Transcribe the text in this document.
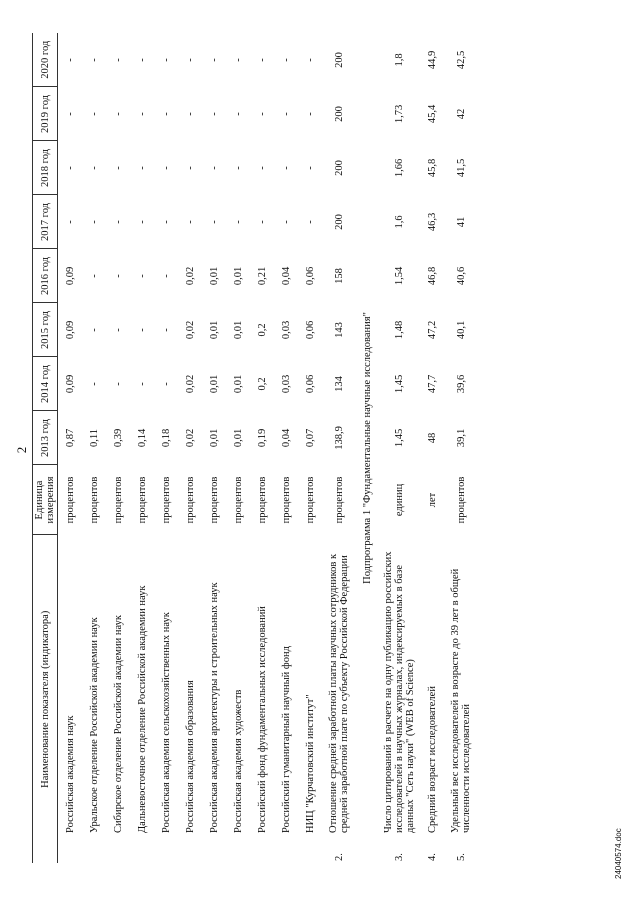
2
Наименование показателя (индикатора)		Единица измерения	2013 год	2014 год	2015 год	2016 год	2017 год	2018 год	2019 год	2020 год
	Российская академия наук	процентов	0,87	0,09	0,09	0,09	-	-	-	-
	Уральское отделение Российской академии наук	процентов	0,11	-	-	-	-	-	-	-
	Сибирское отделение Российской академии наук	процентов	0,39	-	-	-	-	-	-	-
	Дальневосточное отделение Российской академии наук	процентов	0,14	-	-	-	-	-	-	-
	Российская академия сельскохозяйственных наук	процентов	0,18	-	-	-	-	-	-	-
	Российская академия образования	процентов	0,02	0,02	0,02	0,02	-	-	-	-
	Российская академия архитектуры и строительных наук	процентов	0,01	0,01	0,01	0,01	-	-	-	-
	Российская академия художеств	процентов	0,01	0,01	0,01	0,01	-	-	-	-
	Российский фонд фундаментальных исследований	процентов	0,19	0,2	0,2	0,21	-	-	-	-
	Российский гуманитарный научный фонд	процентов	0,04	0,03	0,03	0,04	-	-	-	-
	НИЦ "Курчатовский институт"	процентов	0,07	0,06	0,06	0,06	-	-	-	-
2.	Отношение средней заработной платы научных сотрудников к средней заработной плате по субъекту Российской Федерации	процентов	138,9	134	143	158	200	200	200	200
Подпрограмма 1 "Фундаментальные научные исследования"										
3.	Число цитирований в расчете на одну публикацию российских исследователей в научных журналах, индексируемых в базе данных "Сеть науки" (WEB of Science)	единиц	1,45	1,45	1,48	1,54	1,6	1,66	1,73	1,8
4.	Средний возраст исследователей	лет	48	47,7	47,2	46,8	46,3	45,8	45,4	44,9
5.	Удельный вес исследователей в возрасте до 39 лет в общей численности исследователей	процентов	39,1	39,6	40,1	40,6	41	41,5	42	42,5
24040574.doc
